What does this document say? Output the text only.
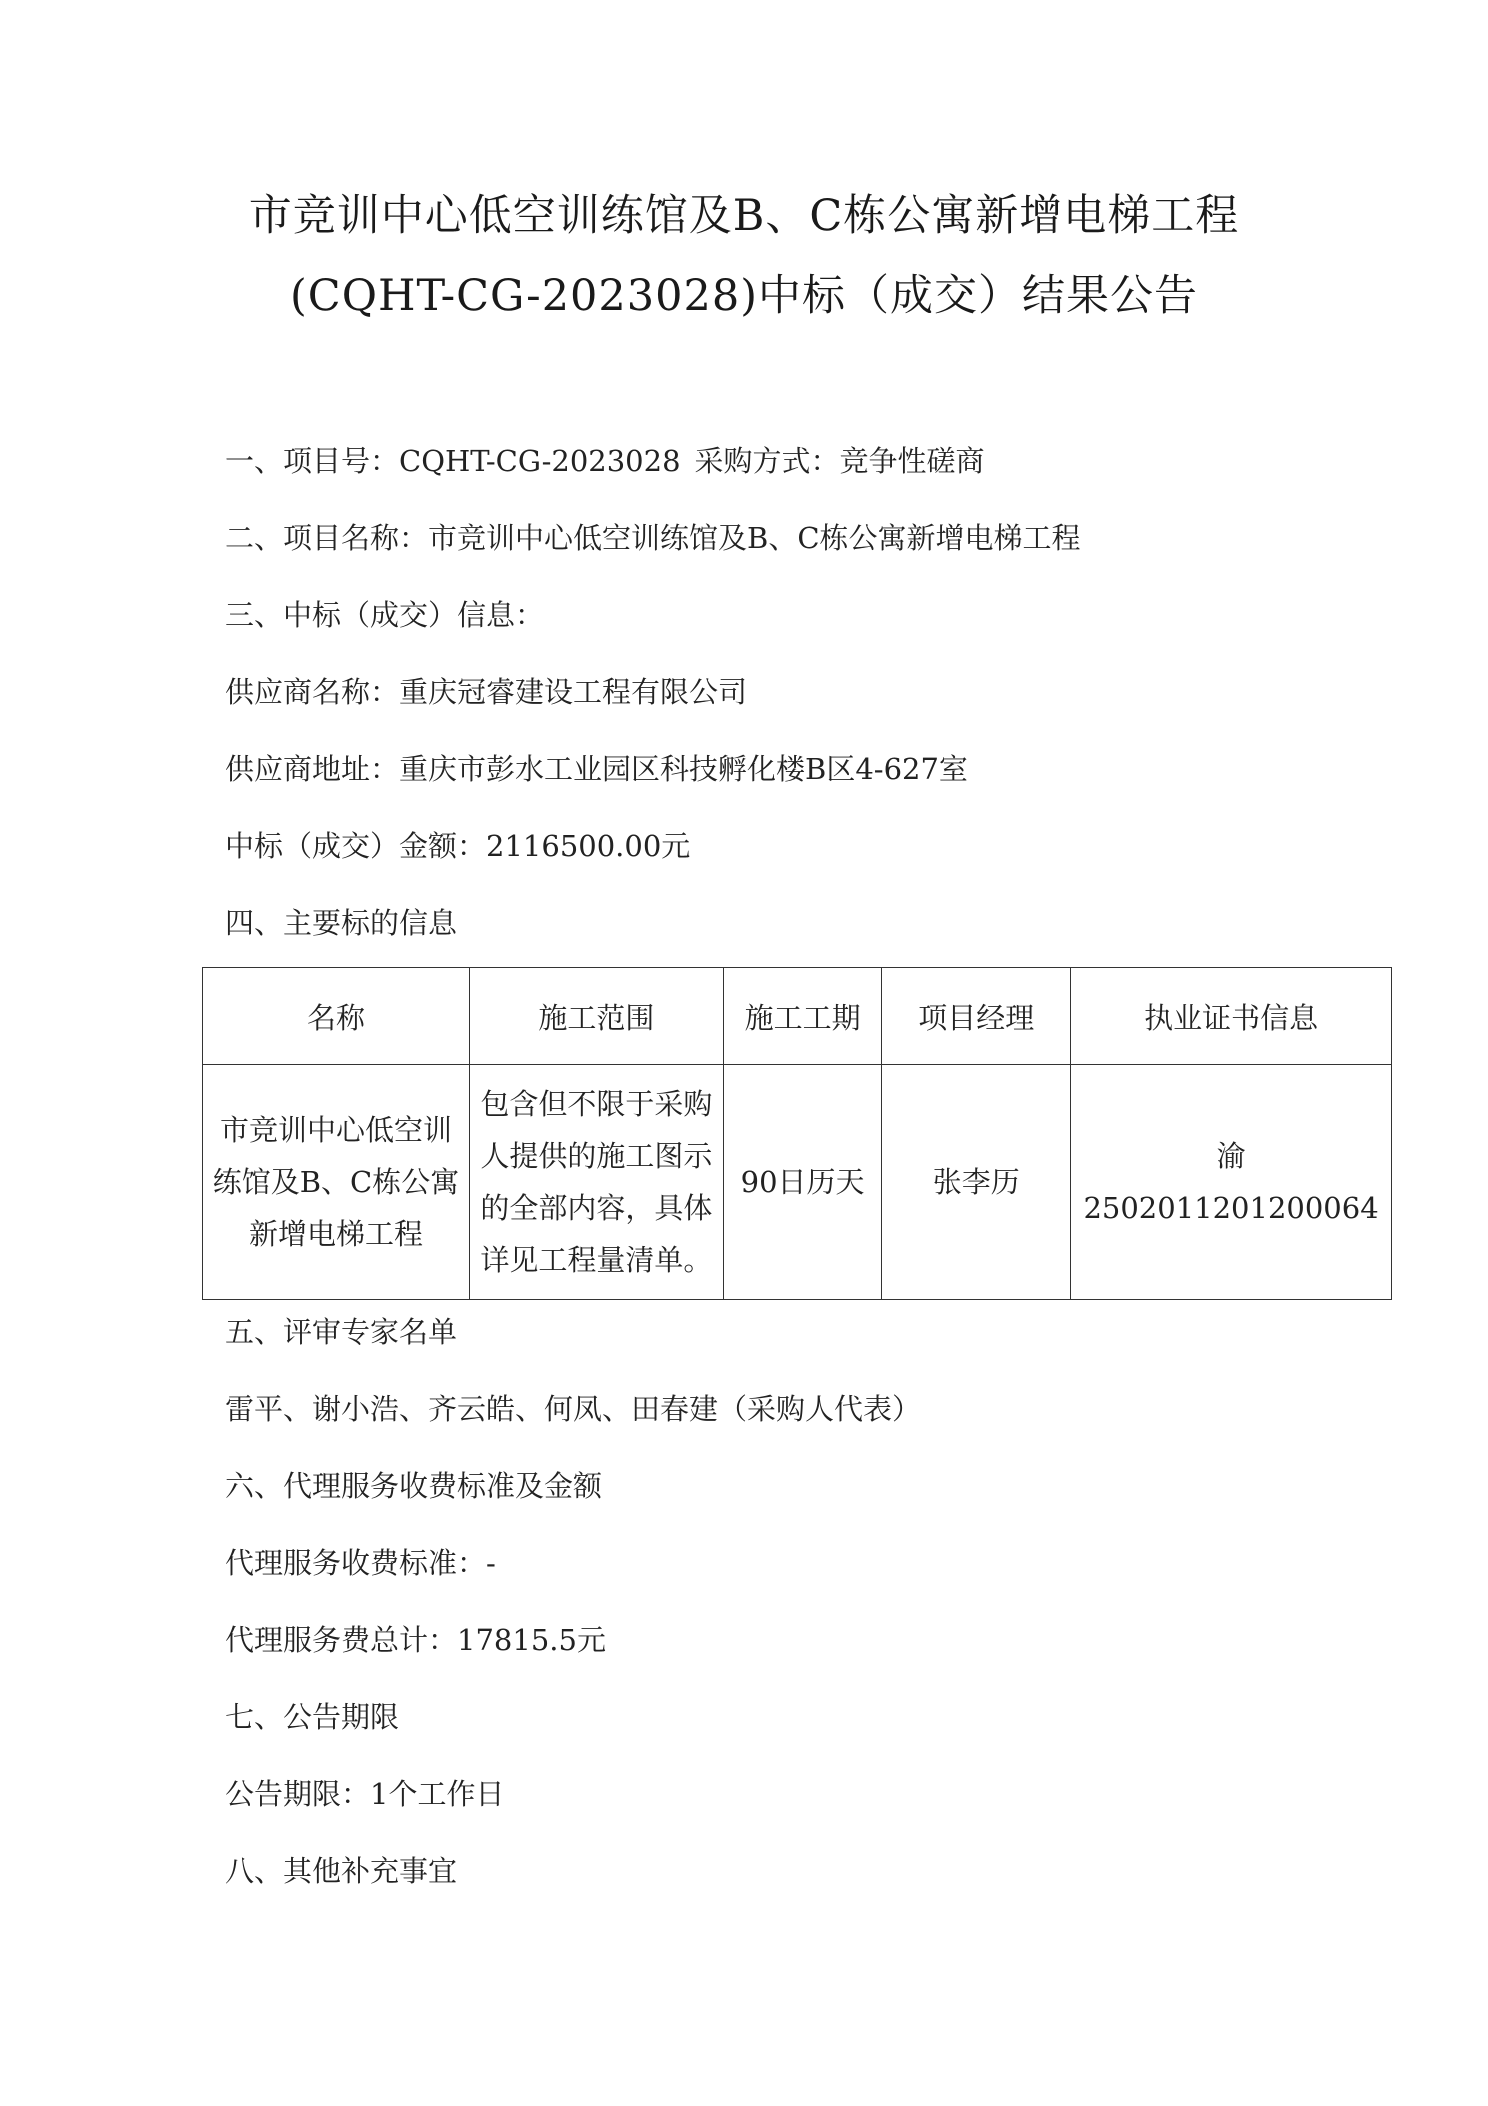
市竞训中心低空训练馆及B、C栋公寓新增电梯工程
(CQHT-CG-2023028)中标（成交）结果公告
一、项目号：CQHT-CG-2023028 采购方式：竞争性磋商
二、项目名称：市竞训中心低空训练馆及B、C栋公寓新增电梯工程
三、中标（成交）信息：
供应商名称：重庆冠睿建设工程有限公司
供应商地址：重庆市彭水工业园区科技孵化楼B区4-627室
中标（成交）金额：2116500.00元
四、主要标的信息
名称	施工范围	施工工期	项目经理	执业证书信息
市竞训中心低空训练馆及B、C栋公寓新增电梯工程	包含但不限于采购人提供的施工图示的全部内容，具体详见工程量清单。	90日历天	张李历	渝
2502011201200064
五、评审专家名单
雷平、谢小浩、齐云皓、何凤、田春建（采购人代表）
六、代理服务收费标准及金额
代理服务收费标准：-
代理服务费总计：17815.5元
七、公告期限
公告期限：1个工作日
八、其他补充事宜
